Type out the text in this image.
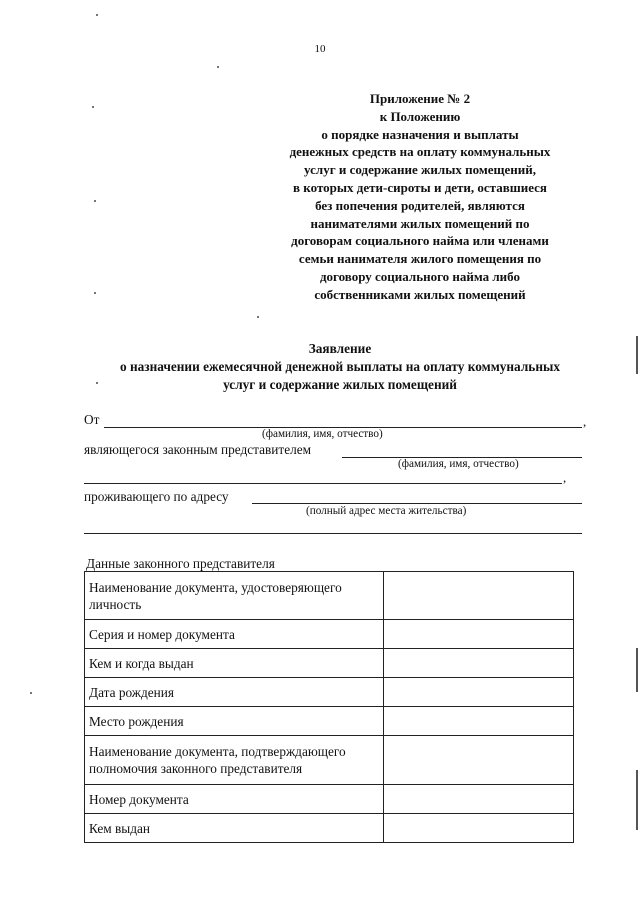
10
Приложение № 2
к Положению
о порядке назначения и выплаты
денежных средств на оплату коммунальных
услуг и содержание жилых помещений,
в которых дети-сироты и дети, оставшиеся
без попечения родителей, являются
нанимателями жилых помещений по
договорам социального найма или членами
семьи нанимателя жилого помещения по
договору социального найма либо
собственниками жилых помещений
Заявление
о назначении ежемесячной денежной выплаты на оплату коммунальных
услуг и содержание жилых помещений
От	,
(фамилия, имя, отчество)
являющегося законным представителем
(фамилия, имя, отчество)
,
проживающего по адресу
(полный адрес места жительства)
Данные законного представителя
Наименование документа, удостоверяющего личность	
Серия и номер документа	
Кем и когда выдан	
Дата рождения	
Место рождения	
Наименование документа, подтверждающего полномочия законного представителя	
Номер документа	
Кем выдан	
